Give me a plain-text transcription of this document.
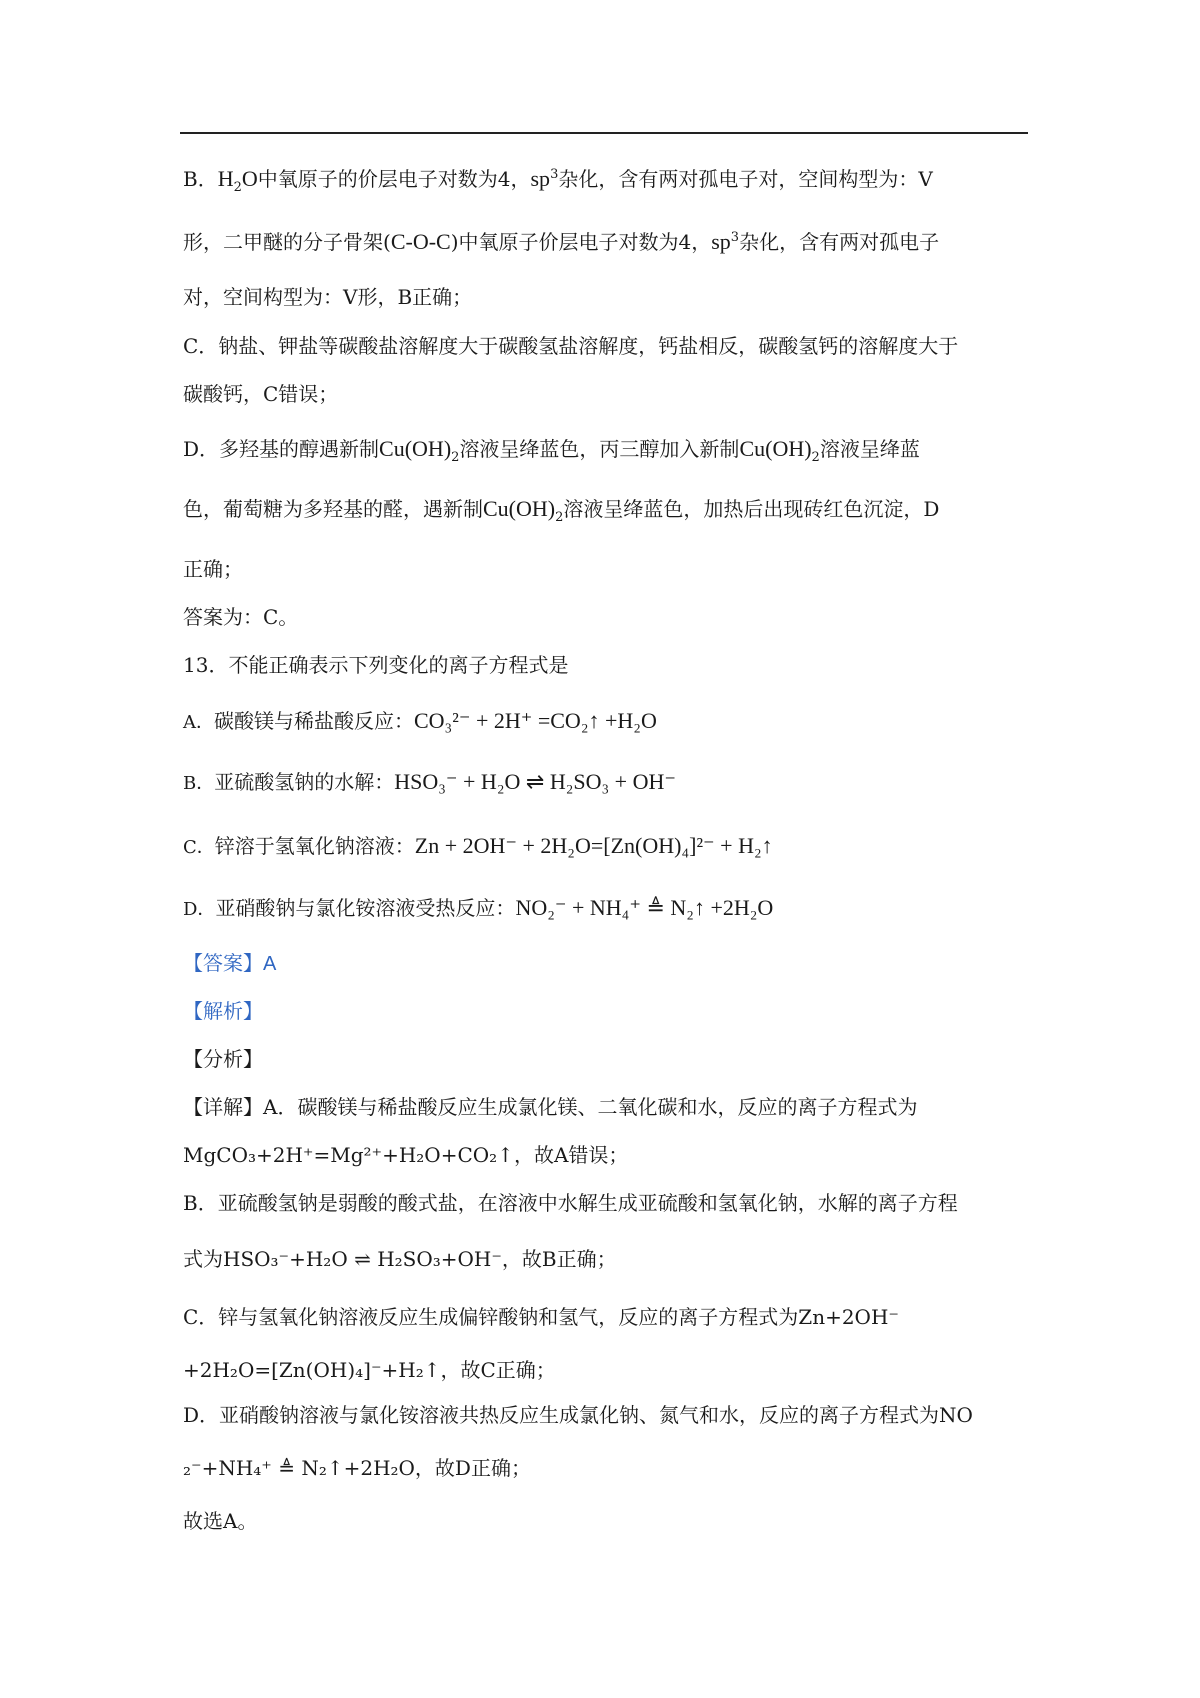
B．$H_2O$中氧原子的价层电子对数为4，$sp^3$杂化，含有两对孤电子对，空间构型为：V
形，二甲醚的分子骨架(C-O-C)中氧原子价层电子对数为4，$sp^3$杂化，含有两对孤电子
对，空间构型为：V形，B正确；
C．钠盐、钾盐等碳酸盐溶解度大于碳酸氢盐溶解度，钙盐相反，碳酸氢钙的溶解度大于
碳酸钙，C错误；
D．多羟基的醇遇新制$Cu(OH)_2$溶液呈绛蓝色，丙三醇加入新制$Cu(OH)_2$溶液呈绛蓝
色，葡萄糖为多羟基的醛，遇新制$Cu(OH)_2$溶液呈绛蓝色，加热后出现砖红色沉淀，D
正确；
答案为：C。
13．不能正确表示下列变化的离子方程式是
A．碳酸镁与稀盐酸反应：CO₃²⁻ + 2H⁺ =CO₂↑ +H₂O
B．亚硫酸氢钠的水解：HSO₃⁻ + H₂O ⇌ H₂SO₃ + OH⁻
C．锌溶于氢氧化钠溶液：Zn + 2OH⁻ + 2H₂O=[Zn(OH)₄]²⁻ + H₂↑
D．亚硝酸钠与氯化铵溶液受热反应：NO₂⁻ + NH₄⁺ ≜ N₂↑ +2H₂O
【答案】A
【解析】
【分析】
【详解】A．碳酸镁与稀盐酸反应生成氯化镁、二氧化碳和水，反应的离子方程式为
MgCO₃+2H⁺=Mg²⁺+H₂O+CO₂↑，故A错误；
B．亚硫酸氢钠是弱酸的酸式盐，在溶液中水解生成亚硫酸和氢氧化钠，水解的离子方程
式为HSO₃⁻+H₂O ⇌ H₂SO₃+OH⁻，故B正确；
C．锌与氢氧化钠溶液反应生成偏锌酸钠和氢气，反应的离子方程式为Zn+2OH⁻
+2H₂O=[Zn(OH)₄]⁻+H₂↑，故C正确；
D．亚硝酸钠溶液与氯化铵溶液共热反应生成氯化钠、氮气和水，反应的离子方程式为NO
₂⁻+NH₄⁺ ≜ N₂↑+2H₂O，故D正确；
故选A。
